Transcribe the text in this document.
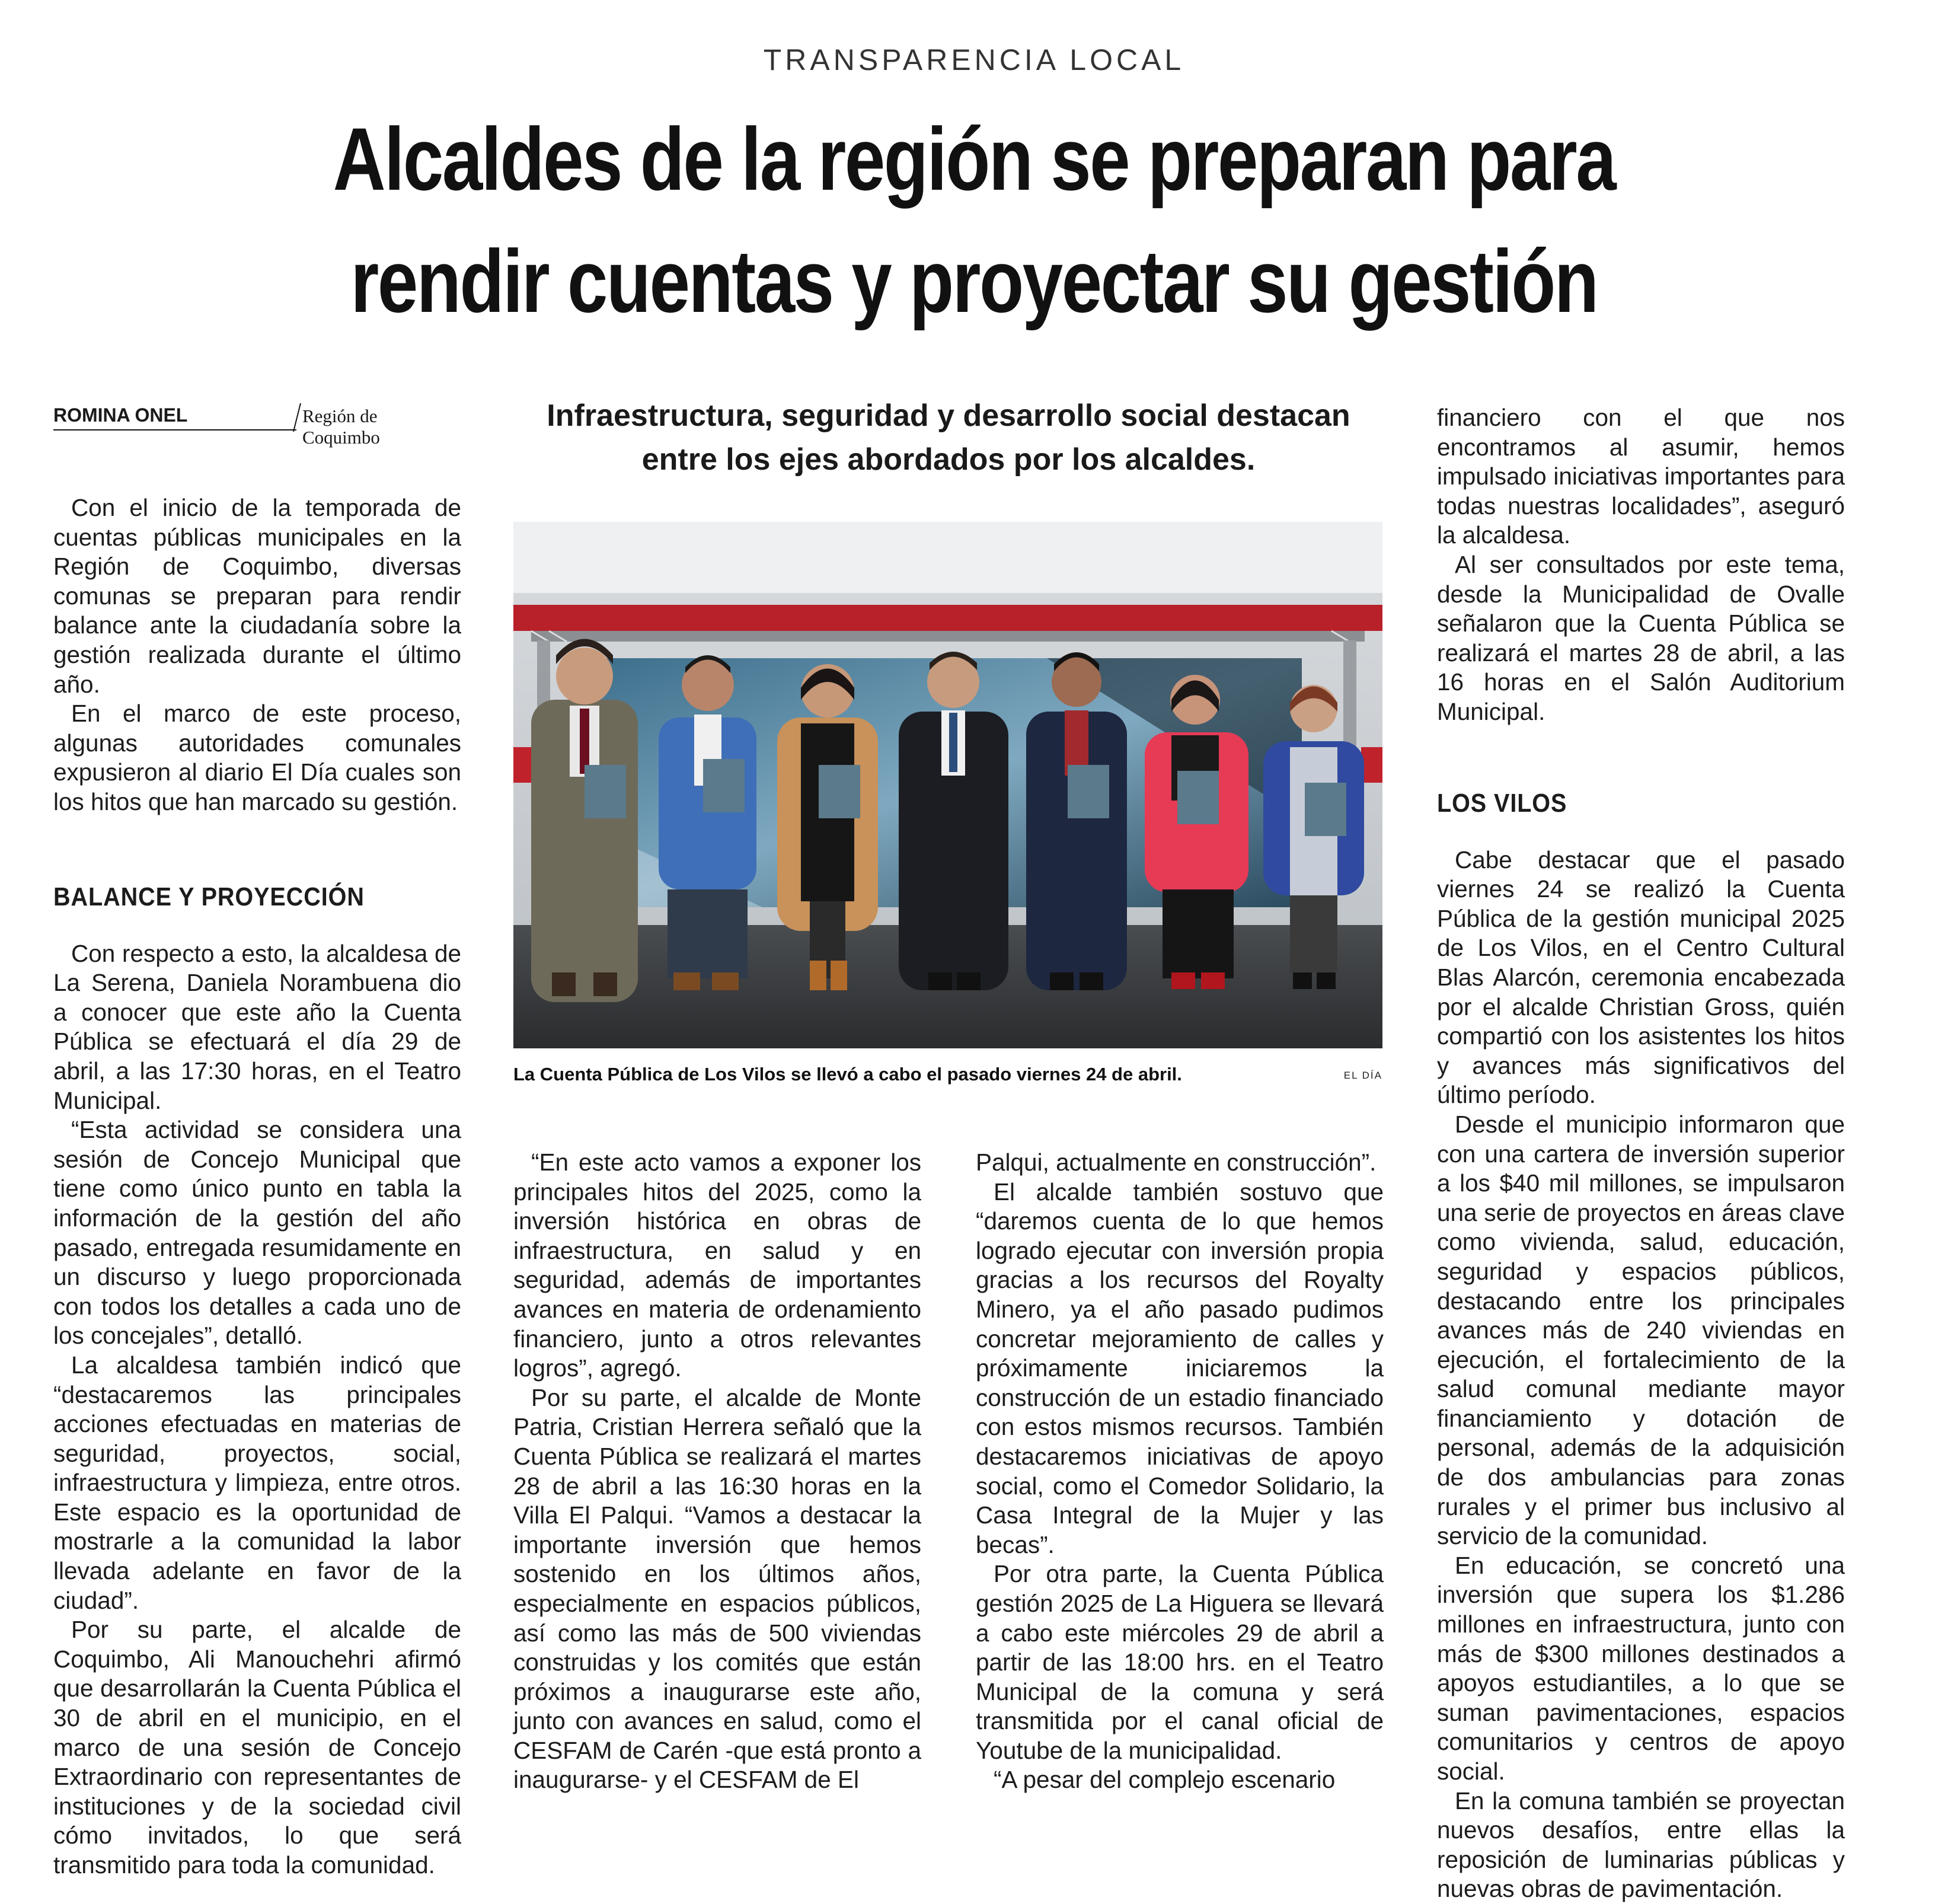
TRANSPARENCIA LOCAL
Alcaldes de la región se preparan para
rendir cuentas y proyectar su gestión
ROMINA ONEL	Región de Coquimbo
Infraestructura, seguridad y desarrollo social destacan
entre los ejes abordados por los alcaldes.
La Cuenta Pública de Los Vilos se llevó a cabo el pasado viernes 24 de abril.	EL DÍA

Con el inicio de la temporada de cuentas públicas municipales en la Región de Coquimbo, diversas comunas se preparan para rendir balance ante la ciudadanía sobre la gestión realizada durante el último año.

En el marco de este proceso, algunas autoridades comunales expusieron al diario El Día cuales son los hitos que han marcado su gestión.

BALANCE Y PROYECCIÓN

Con respecto a esto, la alcaldesa de La Serena, Daniela Norambuena dio a conocer que este año la Cuenta Pública se efectuará el día 29 de abril, a las 17:30 horas, en el Teatro Municipal.

“Esta actividad se considera una sesión de Concejo Municipal que tiene como único punto en tabla la información de la gestión del año pasado, entregada resumidamente en un discurso y luego proporcionada con todos los detalles a cada uno de los concejales”, detalló.

La alcaldesa también indicó que “destacaremos las principales acciones efectuadas en materias de seguridad, proyectos, social, infraestructura y limpieza, entre otros. Este espacio es la oportunidad de mostrarle a la comunidad la labor llevada adelante en favor de la ciudad”.

Por su parte, el alcalde de Coquimbo, Ali Manouchehri afirmó que desarrollarán la Cuenta Pública el 30 de abril en el municipio, en el marco de una sesión de Concejo Extraordinario con representantes de instituciones y de la sociedad civil cómo invitados, lo que será transmitido para toda la comunidad.

“En este acto vamos a exponer los principales hitos del 2025, como la inversión histórica en obras de infraestructura, en salud y en seguridad, además de importantes avances en materia de ordenamiento financiero, junto a otros relevantes logros”, agregó.

Por su parte, el alcalde de Monte Patria, Cristian Herrera señaló que la Cuenta Pública se realizará el martes 28 de abril a las 16:30 horas en la Villa El Palqui. “Vamos a destacar la importante inversión que hemos sostenido en los últimos años, especialmente en espacios públicos, así como las más de 500 viviendas construidas y los comités que están próximos a inaugurarse este año, junto con avances en salud, como el CESFAM de Carén -que está pronto a inaugurarse- y el CESFAM de El

Palqui, actualmente en construcción”.

El alcalde también sostuvo que “daremos cuenta de lo que hemos logrado ejecutar con inversión propia gracias a los recursos del Royalty Minero, ya el año pasado pudimos concretar mejoramiento de calles y próximamente iniciaremos la construcción de un estadio financiado con estos mismos recursos. También destacaremos iniciativas de apoyo social, como el Comedor Solidario, la Casa Integral de la Mujer y las becas”.

Por otra parte, la Cuenta Pública gestión 2025 de La Higuera se llevará a cabo este miércoles 29 de abril a partir de las 18:00 hrs. en el Teatro Municipal de la comuna y será transmitida por el canal oficial de Youtube de la municipalidad.

“A pesar del complejo escenario

financiero con el que nos encontramos al asumir, hemos impulsado iniciativas importantes para todas nuestras localidades”, aseguró la alcaldesa.

Al ser consultados por este tema, desde la Municipalidad de Ovalle señalaron que la Cuenta Pública se realizará el martes 28 de abril, a las 16 horas en el Salón Auditorium Municipal.

LOS VILOS

Cabe destacar que el pasado viernes 24 se realizó la Cuenta Pública de la gestión municipal 2025 de Los Vilos, en el Centro Cultural Blas Alarcón, ceremonia encabezada por el alcalde Christian Gross, quién compartió con los asistentes los hitos y avances más significativos del último período.

Desde el municipio informaron que con una cartera de inversión superior a los $40 mil millones, se impulsaron una serie de proyectos en áreas clave como vivienda, salud, educación, seguridad y espacios públicos, destacando entre los principales avances más de 240 viviendas en ejecución, el fortalecimiento de la salud comunal mediante mayor financiamiento y dotación de personal, además de la adquisición de dos ambulancias para zonas rurales y el primer bus inclusivo al servicio de la comunidad.

En educación, se concretó una inversión que supera los $1.286 millones en infraestructura, junto con más de $300 millones destinados a apoyos estudiantiles, a lo que se suman pavimentaciones, espacios comunitarios y centros de apoyo social.

En la comuna también se proyectan nuevos desafíos, entre ellas la reposición de luminarias públicas y nuevas obras de pavimentación.
